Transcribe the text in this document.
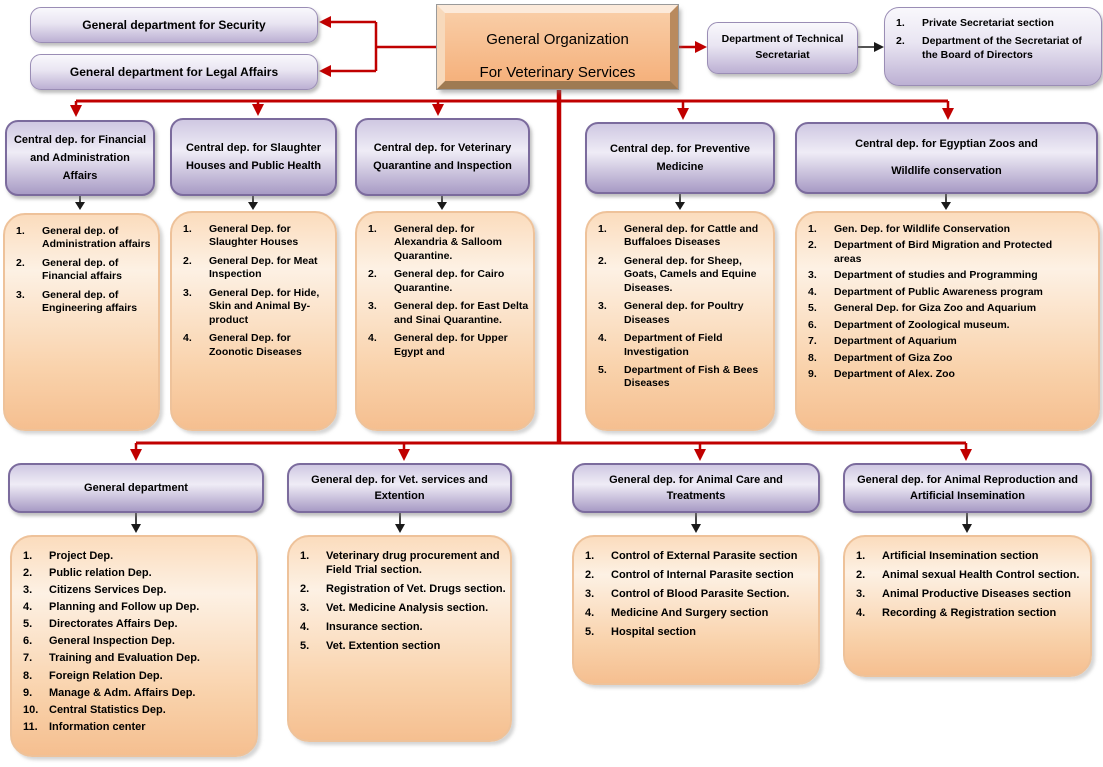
General department for Security
General department for Legal Affairs
General Organization
For Veterinary Services
Department of Technical Secretariat
Private Secretariat section
Department of the Secretariat of the Board of Directors
Central dep. for Financial and Administration Affairs
Central dep. for Slaughter Houses and Public Health
Central dep. for Veterinary Quarantine and Inspection
Central dep. for Preventive Medicine
Central dep. for Egyptian Zoos and Wildlife conservation
General dep. of Administration affairs
General dep. of Financial affairs
General dep. of Engineering affairs
General Dep. for Slaughter Houses
General Dep. for Meat Inspection
General Dep. for Hide, Skin and Animal By-product
General Dep. for Zoonotic Diseases
General dep. for Alexandria & Salloom Quarantine.
General dep. for Cairo Quarantine.
General dep. for East Delta and Sinai Quarantine.
General dep. for Upper Egypt and
General dep. for Cattle and Buffaloes Diseases
General dep. for Sheep, Goats, Camels and Equine Diseases.
General dep. for Poultry Diseases
Department of Field Investigation
Department of Fish & Bees Diseases
Gen. Dep. for Wildlife Conservation
Department of Bird Migration and Protected areas
Department of studies and Programming
Department of Public Awareness program
General Dep. for Giza Zoo and Aquarium
Department of Zoological museum.
Department of Aquarium
Department of Giza Zoo
Department of Alex. Zoo
General department
General dep. for Vet. services and Extention
General dep. for Animal Care and Treatments
General dep. for Animal Reproduction and Artificial Insemination
Project Dep.
Public relation Dep.
Citizens Services Dep.
Planning and Follow up Dep.
Directorates Affairs Dep.
General Inspection Dep.
Training and Evaluation Dep.
Foreign Relation Dep.
Manage & Adm. Affairs Dep.
Central Statistics Dep.
Information center
Veterinary drug procurement and Field Trial section.
Registration of Vet. Drugs section.
Vet. Medicine Analysis section.
Insurance section.
Vet. Extention section
Control of External Parasite section
Control of Internal Parasite section
Control of Blood Parasite Section.
Medicine And Surgery section
Hospital section
Artificial Insemination section
Animal sexual Health Control section.
Animal Productive Diseases section
Recording & Registration section
